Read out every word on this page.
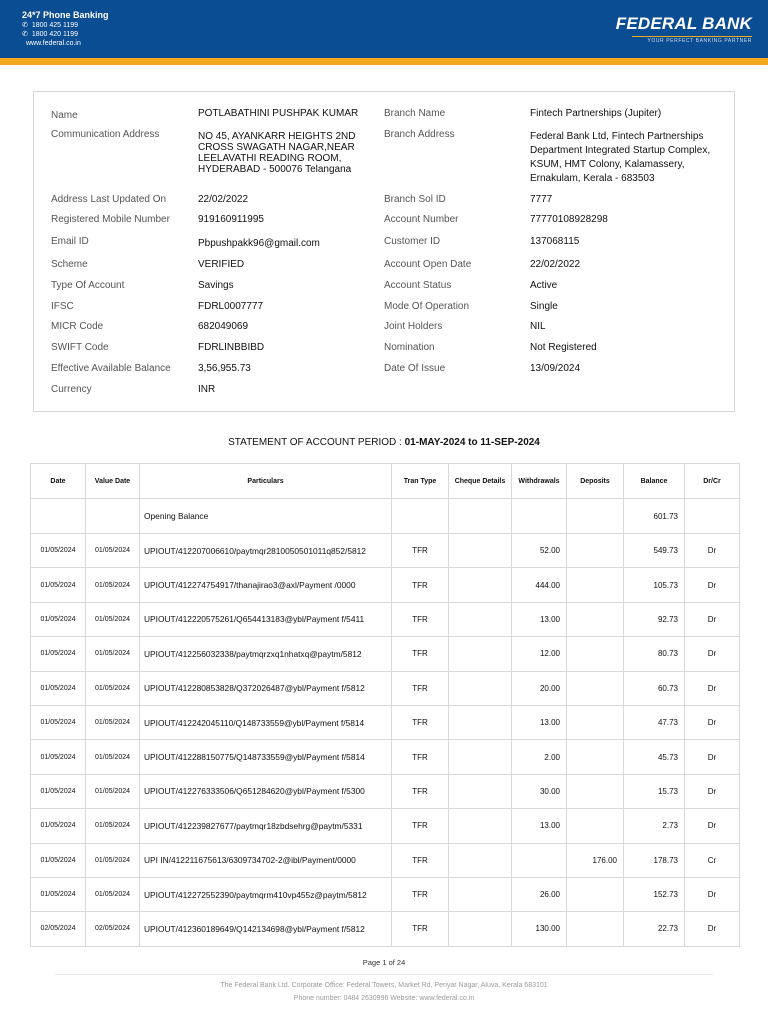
24*7 Phone Banking
✆ 1800 425 1199
✆ 1800 420 1199
www.federal.co.in
FEDERAL BANK
YOUR PERFECT BANKING PARTNER
Name	POTLABATHINI PUSHPAK KUMAR
Communication Address	NO 45, AYANKARR HEIGHTS 2ND
CROSS SWAGATH NAGAR,NEAR
LEELAVATHI READING ROOM,
HYDERABAD - 500076 Telangana
Address Last Updated On	22/02/2022
Registered Mobile Number	919160911995
Email ID	Pbpushpakk96@gmail.com
Scheme	VERIFIED
Type Of Account	Savings
IFSC	FDRL0007777
MICR Code	682049069
SWIFT Code	FDRLINBBIBD
Effective Available Balance	3,56,955.73
Currency	INR
Branch Name	Fintech Partnerships (Jupiter)
Branch Address	Federal Bank Ltd, Fintech Partnerships
Department Integrated Startup Complex,
KSUM, HMT Colony, Kalamassery,
Ernakulam, Kerala - 683503
Branch Sol ID	7777
Account Number	77770108928298
Customer ID	137068115
Account Open Date	22/02/2022
Account Status	Active
Mode Of Operation	Single
Joint Holders	NIL
Nomination	Not Registered
Date Of Issue	13/09/2024
STATEMENT OF ACCOUNT PERIOD : 01-MAY-2024 to 11-SEP-2024
Date	Value Date	Particulars	Tran Type	Cheque Details	Withdrawals	Deposits	Balance	Dr/Cr
		Opening Balance					601.73	
01/05/2024	01/05/2024	UPIOUT/412207006610/paytmqr2810050501011q852/5812	TFR		52.00		549.73	Dr
01/05/2024	01/05/2024	UPIOUT/412274754917/thanajirao3@axl/Payment /0000	TFR		444.00		105.73	Dr
01/05/2024	01/05/2024	UPIOUT/412220575261/Q654413183@ybl/Payment f/5411	TFR		13.00		92.73	Dr
01/05/2024	01/05/2024	UPIOUT/412256032338/paytmqrzxq1nhatxq@paytm/5812	TFR		12.00		80.73	Dr
01/05/2024	01/05/2024	UPIOUT/412280853828/Q372026487@ybl/Payment f/5812	TFR		20.00		60.73	Dr
01/05/2024	01/05/2024	UPIOUT/412242045110/Q148733559@ybl/Payment f/5814	TFR		13.00		47.73	Dr
01/05/2024	01/05/2024	UPIOUT/412288150775/Q148733559@ybl/Payment f/5814	TFR		2.00		45.73	Dr
01/05/2024	01/05/2024	UPIOUT/412276333506/Q651284620@ybl/Payment f/5300	TFR		30.00		15.73	Dr
01/05/2024	01/05/2024	UPIOUT/412239827677/paytmqr18zbdsehrg@paytm/5331	TFR		13.00		2.73	Dr
01/05/2024	01/05/2024	UPI IN/412211675613/6309734702-2@ibl/Payment/0000	TFR			176.00	178.73	Cr
01/05/2024	01/05/2024	UPIOUT/412272552390/paytmqrm410vp455z@paytm/5812	TFR		26.00		152.73	Dr
02/05/2024	02/05/2024	UPIOUT/412360189649/Q142134698@ybl/Payment f/5812	TFR		130.00		22.73	Dr
Page 1 of 24
The Federal Bank Ltd. Corporate Office: Federal Towers, Market Rd, Periyar Nagar, Aluva, Kerala 683101
Phone number: 0484 2630996 Website: www.federal.co.in
